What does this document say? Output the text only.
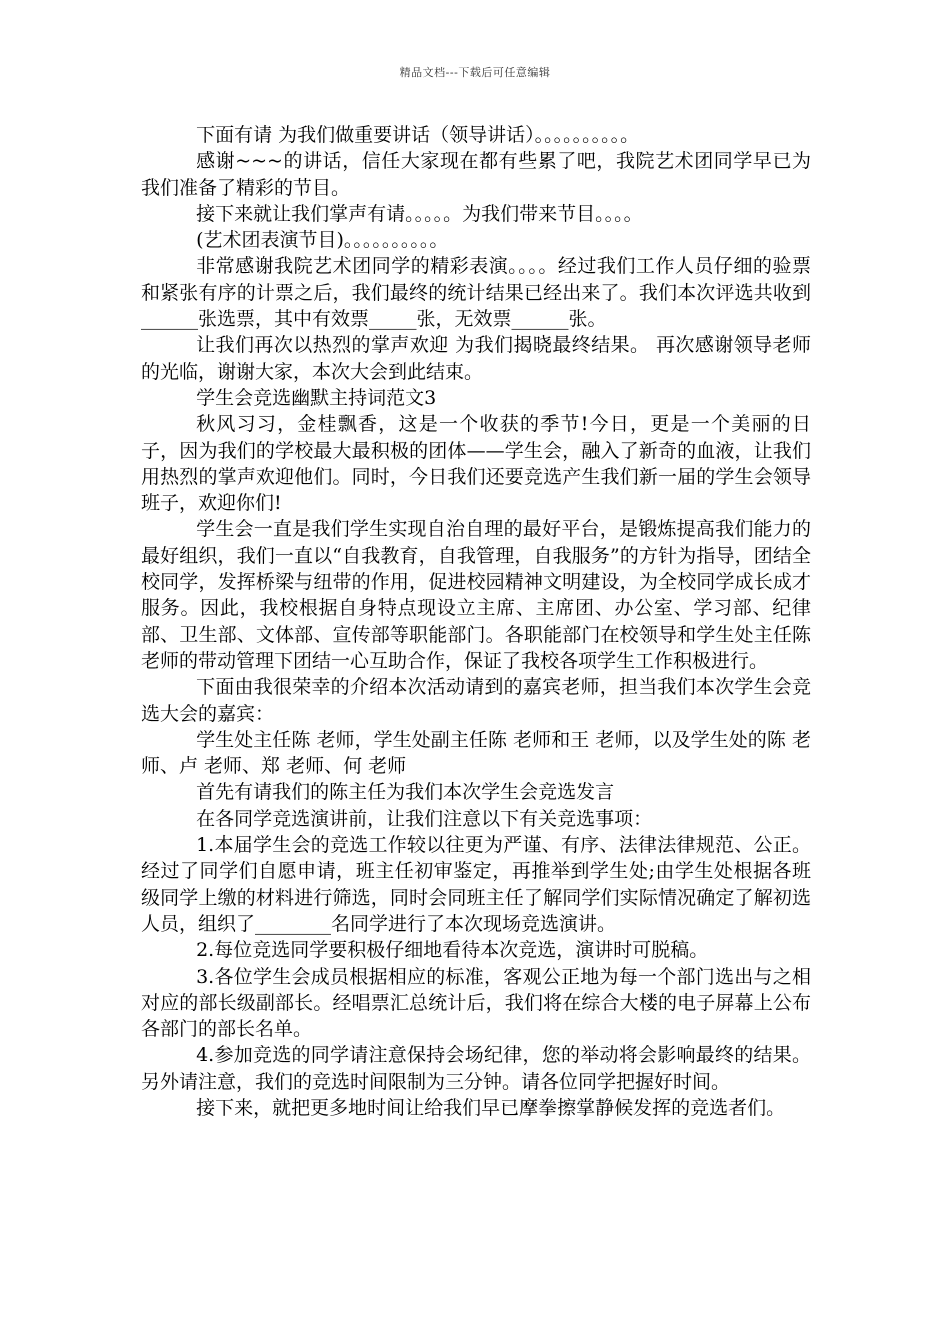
精品文档---下载后可任意编辑

下面有请 为我们做重要讲话（领导讲话）。。。。。。。。。。

感谢~~~的讲话，信任大家现在都有些累了吧，我院艺术团同学早已为我们准备了精彩的节目。

接下来就让我们掌声有请。。。。。为我们带来节目。。。。

(艺术团表演节目)。。。。。。。。。。

非常感谢我院艺术团同学的精彩表演。。。。经过我们工作人员仔细的验票和紧张有序的计票之后，我们最终的统计结果已经出来了。我们本次评选共收到______张选票，其中有效票_____张，无效票______张。

让我们再次以热烈的掌声欢迎 为我们揭晓最终结果。 再次感谢领导老师的光临，谢谢大家，本次大会到此结束。

学生会竞选幽默主持词范文3

秋风习习，金桂飘香，这是一个收获的季节!今日，更是一个美丽的日子，因为我们的学校最大最积极的团体——学生会，融入了新奇的血液，让我们用热烈的掌声欢迎他们。同时，今日我们还要竞选产生我们新一届的学生会领导班子，欢迎你们!

学生会一直是我们学生实现自治自理的最好平台，是锻炼提高我们能力的最好组织，我们一直以“自我教育，自我管理，自我服务”的方针为指导，团结全校同学，发挥桥梁与纽带的作用，促进校园精神文明建设，为全校同学成长成才服务。因此，我校根据自身特点现设立主席、主席团、办公室、学习部、纪律部、卫生部、文体部、宣传部等职能部门。各职能部门在校领导和学生处主任陈老师的带动管理下团结一心互助合作，保证了我校各项学生工作积极进行。

下面由我很荣幸的介绍本次活动请到的嘉宾老师，担当我们本次学生会竞选大会的嘉宾：

学生处主任陈 老师，学生处副主任陈 老师和王 老师，以及学生处的陈 老师、卢 老师、郑 老师、何 老师

首先有请我们的陈主任为我们本次学生会竞选发言

在各同学竞选演讲前，让我们注意以下有关竞选事项：

1.本届学生会的竞选工作较以往更为严谨、有序、法律法律规范、公正。经过了同学们自愿申请，班主任初审鉴定，再推举到学生处;由学生处根据各班级同学上缴的材料进行筛选，同时会同班主任了解同学们实际情况确定了解初选人员，组织了________名同学进行了本次现场竞选演讲。

2.每位竞选同学要积极仔细地看待本次竞选，演讲时可脱稿。

3.各位学生会成员根据相应的标准，客观公正地为每一个部门选出与之相对应的部长级副部长。经唱票汇总统计后，我们将在综合大楼的电子屏幕上公布各部门的部长名单。

4.参加竞选的同学请注意保持会场纪律，您的举动将会影响最终的结果。另外请注意，我们的竞选时间限制为三分钟。请各位同学把握好时间。

接下来，就把更多地时间让给我们早已摩拳擦掌静候发挥的竞选者们。
